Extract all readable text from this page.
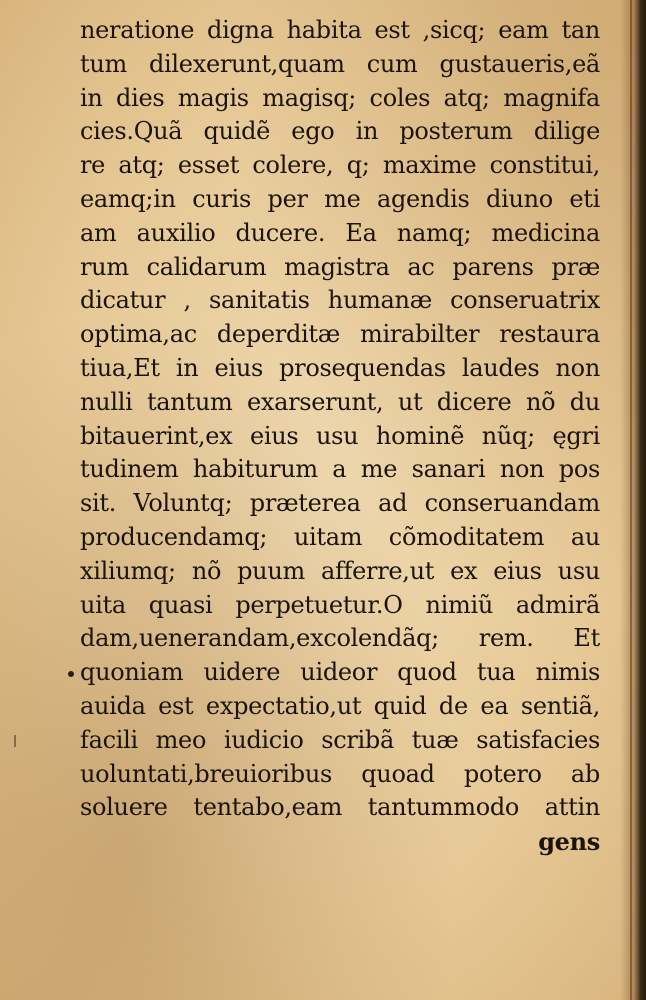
neratione digna habita est ,sicq; eam tan
tum dilexerunt,quam cum gustaueris,eã
in dies magis magisq; coles atq; magnifa
cies.Quã quidẽ ego in posterum dilige
re atq; esset colere, q; maxime constitui,
eamq;in curis per me agendis diuno eti
am auxilio ducere. Ea namq; medicina
rum calidarum magistra ac parens præ
dicatur , sanitatis humanæ conseruatrix
optima,ac deperditæ mirabilter restaura
tiua,Et in eius prosequendas laudes non
nulli tantum exarserunt, ut dicere nõ du
bitauerint,ex eius usu hominẽ nũq; ęgri
tudinem habiturum a me sanari non pos
sit. Voluntq; præterea ad conseruandam
producendamq; uitam cõmoditatem au
xiliumq; nõ puum afferre,ut ex eius usu
uita quasi perpetuetur.O nimiũ admirã
dam,uenerandam,excolendãq; rem. Et
quoniam uidere uideor quod tua nimis
auida est expectatio,ut quid de ea sentiã,
facili meo iudicio scribã tuæ satisfacies
uoluntati,breuioribus quoad potero ab
soluere tentabo,eam tantummodo attin
gens
